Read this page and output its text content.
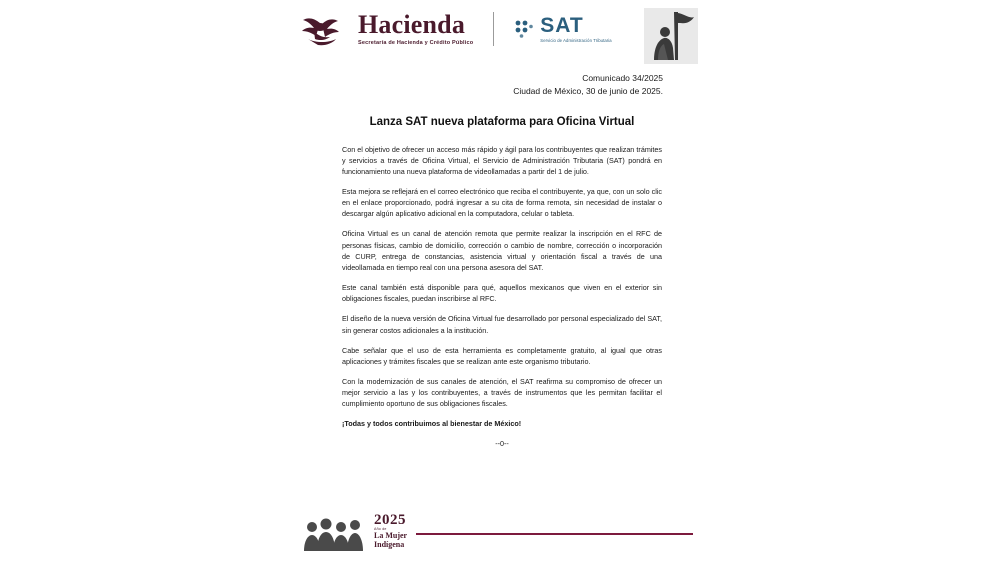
Hacienda
Secretaría de Hacienda y Crédito Público
SAT
Servicio de Administración Tributaria
Comunicado 34/2025
Ciudad de México, 30 de junio de 2025.
Lanza SAT nueva plataforma para Oficina Virtual

Con el objetivo de ofrecer un acceso más rápido y ágil para los contribuyentes que realizan trámites y servicios a través de Oficina Virtual, el Servicio de Administración Tributaria (SAT) pondrá en funcionamiento una nueva plataforma de videollamadas a partir del 1 de julio.

Esta mejora se reflejará en el correo electrónico que reciba el contribuyente, ya que, con un solo clic en el enlace proporcionado, podrá ingresar a su cita de forma remota, sin necesidad de instalar o descargar algún aplicativo adicional en la computadora, celular o tableta.

Oficina Virtual es un canal de atención remota que permite realizar la inscripción en el RFC de personas físicas, cambio de domicilio, corrección o cambio de nombre, corrección o incorporación de CURP, entrega de constancias, asistencia virtual y orientación fiscal a través de una videollamada en tiempo real con una persona asesora del SAT.

Este canal también está disponible para qué, aquellos mexicanos que viven en el exterior sin obligaciones fiscales, puedan inscribirse al RFC.

El diseño de la nueva versión de Oficina Virtual fue desarrollado por personal especializado del SAT, sin generar costos adicionales a la institución.

Cabe señalar que el uso de esta herramienta es completamente gratuito, al igual que otras aplicaciones y trámites fiscales que se realizan ante este organismo tributario.

Con la modernización de sus canales de atención, el SAT reafirma su compromiso de ofrecer un mejor servicio a las y los contribuyentes, a través de instrumentos que les permitan facilitar el cumplimiento oportuno de sus obligaciones fiscales.

¡Todas y todos contribuimos al bienestar de México!

--0--
2025
Año de
La Mujer
Indígena
